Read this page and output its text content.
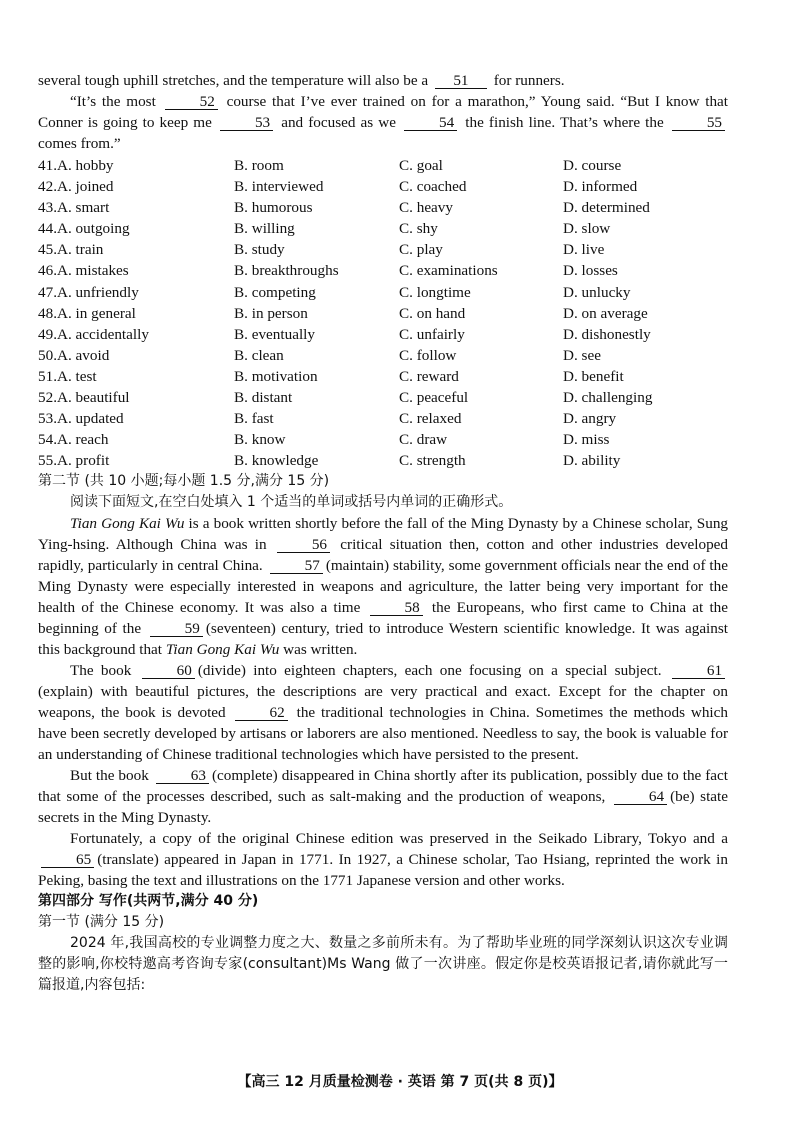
several tough uphill stretches, and the temperature will also be a 51 for runners.

“It’s the most	52 course that I’ve ever trained on for a marathon,” Young said. “But I know that Conner is going to keep me	53 and focused as we	54 the finish line. That’s where the	55 comes from.”

41.A. hobby	B. room	C. goal	D. course
42.A. joined	B. interviewed	C. coached	D. informed
43.A. smart	B. humorous	C. heavy	D. determined
44.A. outgoing	B. willing	C. shy	D. slow
45.A. train	B. study	C. play	D. live
46.A. mistakes	B. breakthroughs	C. examinations	D. losses
47.A. unfriendly	B. competing	C. longtime	D. unlucky
48.A. in general	B. in person	C. on hand	D. on average
49.A. accidentally	B. eventually	C. unfairly	D. dishonestly
50.A. avoid	B. clean	C. follow	D. see
51.A. test	B. motivation	C. reward	D. benefit
52.A. beautiful	B. distant	C. peaceful	D. challenging
53.A. updated	B. fast	C. relaxed	D. angry
54.A. reach	B. know	C. draw	D. miss
55.A. profit	B. knowledge	C. strength	D. ability

第二节 (共 10 小题;每小题 1.5 分,满分 15 分)

阅读下面短文,在空白处填入 1 个适当的单词或括号内单词的正确形式。

Tian Gong Kai Wu is a book written shortly before the fall of the Ming Dynasty by a Chinese scholar, Sung Ying-hsing. Although China was in	56 critical situation then, cotton and other industries developed rapidly, particularly in central China.	57 (maintain) stability, some government officials near the end of the Ming Dynasty were especially interested in weapons and agriculture, the latter being very important for the health of the Chinese economy. It was also a time	58 the Europeans, who first came to China at the beginning of the	59 (seventeen) century, tried to introduce Western scientific knowledge. It was against this background that Tian Gong Kai Wu was written.

The book	60 (divide) into eighteen chapters, each one focusing on a special subject.	61(explain) with beautiful pictures, the descriptions are very practical and exact. Except for the chapter on weapons, the book is devoted	62 the traditional technologies in China. Sometimes the methods which have been secretly developed by artisans or laborers are also mentioned. Needless to say, the book is valuable for an understanding of Chinese traditional technologies which have persisted to the present.

But the book	63 (complete) disappeared in China shortly after its publication, possibly due to the fact that some of the processes described, such as salt-making and the production of weapons,	64 (be) state secrets in the Ming Dynasty.

Fortunately, a copy of the original Chinese edition was preserved in the Seikado Library, Tokyo and a 65 (translate) appeared in Japan in 1771. In 1927, a Chinese scholar, Tao Hsiang, reprinted the work in Peking, basing the text and illustrations on the 1771 Japanese version and other works.

第四部分 写作(共两节,满分 40 分)

第一节 (满分 15 分)

2024 年,我国高校的专业调整力度之大、数量之多前所未有。为了帮助毕业班的同学深刻认识这次专业调整的影响,你校特邀高考咨询专家(consultant)Ms Wang 做了一次讲座。假定你是校英语报记者,请你就此写一篇报道,内容包括:

【高三 12 月质量检测卷 · 英语 第 7 页(共 8 页)】
